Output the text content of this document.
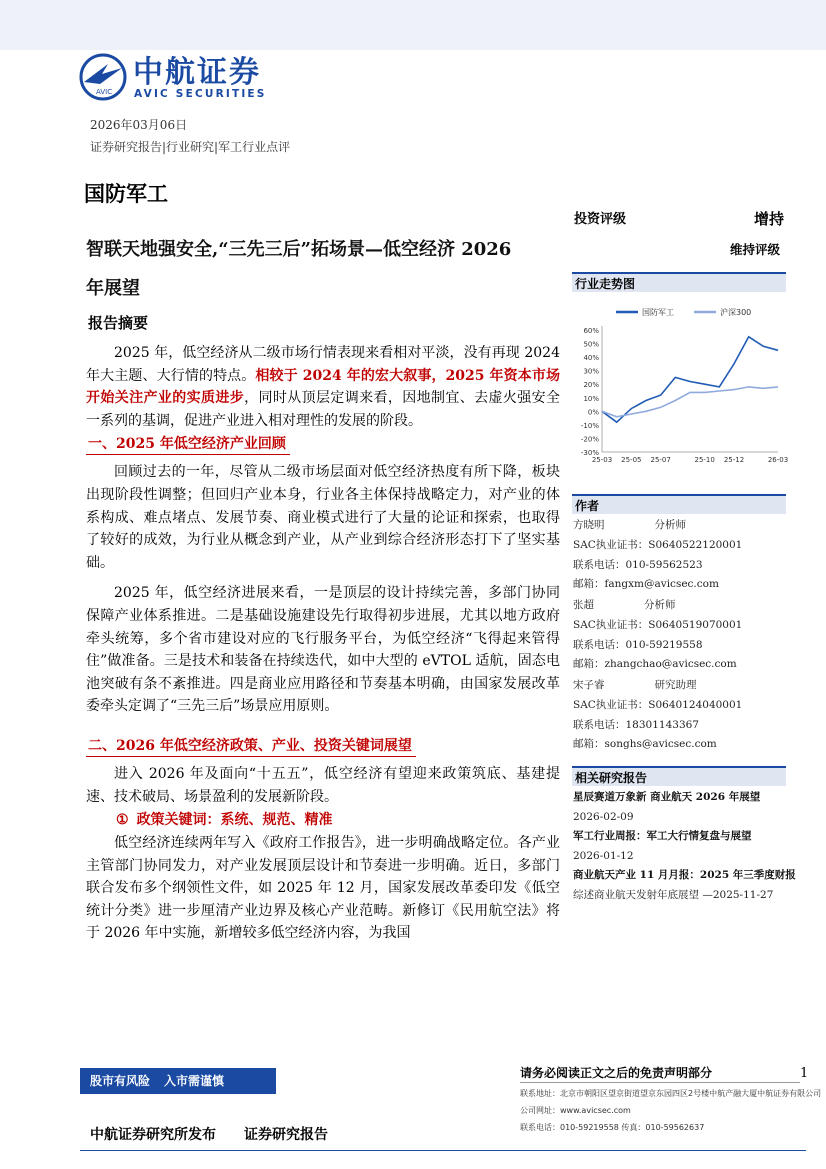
AVIC
中航证券
AVIC SECURITIES
2026年03月06日
证券研究报告|行业研究|军工行业点评
国防军工
智联天地强安全,“三先三后”拓场景—低空经济 2026
年展望
报告摘要

2025 年，低空经济从二级市场行情表现来看相对平淡，没有再现 2024 年大主题、大行情的特点。相较于 2024 年的宏大叙事，2025 年资本市场开始关注产业的实质进步，同时从顶层定调来看，因地制宜、去虚火强安全一系列的基调，促进产业进入相对理性的发展的阶段。

一、2025 年低空经济产业回顾

回顾过去的一年，尽管从二级市场层面对低空经济热度有所下降，板块出现阶段性调整；但回归产业本身，行业各主体保持战略定力，对产业的体系构成、难点堵点、发展节奏、商业模式进行了大量的论证和探索，也取得了较好的成效，为行业从概念到产业，从产业到综合经济形态打下了坚实基础。

2025 年，低空经济进展来看，一是顶层的设计持续完善，多部门协同保障产业体系推进。二是基础设施建设先行取得初步进展，尤其以地方政府牵头统筹，多个省市建设对应的飞行服务平台，为低空经济“飞得起来管得住”做准备。三是技术和装备在持续迭代，如中大型的 eVTOL 适航，固态电池突破有条不紊推进。四是商业应用路径和节奏基本明确，由国家发展改革委牵头定调了“三先三后”场景应用原则。

二、2026 年低空经济政策、产业、投资关键词展望

进入 2026 年及面向“十五五”，低空经济有望迎来政策筑底、基建提速、技术破局、场景盈利的发展新阶段。

① 政策关键词：系统、规范、精准

低空经济连续两年写入《政府工作报告》，进一步明确战略定位。各产业主管部门协同发力，对产业发展顶层设计和节奏进一步明确。近日，多部门联合发布多个纲领性文件，如 2025 年 12 月，国家发展改革委印发《低空统计分类》进一步厘清产业边界及核心产业范畴。新修订《民用航空法》将于 2026 年中实施，新增较多低空经济内容，为我国

投资评级	增持
维持评级
行业走势图
-30%
-20%
-10%
0%
10%
20%
30%
40%
50%
60%
25-03 25-05 25-07	25-10 25-12	26-03
国防军工	沪深300
作者
方晓明	分析师
SAC执业证书：S0640522120001
联系电话：010-59562523
邮箱：fangxm@avicsec.com
张超	分析师
SAC执业证书：S0640519070001
联系电话：010-59219558
邮箱：zhangchao@avicsec.com
宋子睿	研究助理
SAC执业证书：S0640124040001
联系电话：18301143367
邮箱：songhs@avicsec.com
相关研究报告
星辰赛道万象新 商业航天 2026 年展望
2026-02-09
军工行业周报：军工大行情复盘与展望
2026-01-12
商业航天产业 11 月月报：2025 年三季度财报
综述商业航天发射年底展望 —2025-11-27
股市有风险 入市需谨慎
请务必阅读正文之后的免责声明部分	1
联系地址：北京市朝阳区望京街道望京东园四区2号楼中航产融大厦中航证券有限公司
公司网址：www.avicsec.com
联系电话：010-59219558 传真：010-59562637
中航证券研究所发布 证券研究报告
